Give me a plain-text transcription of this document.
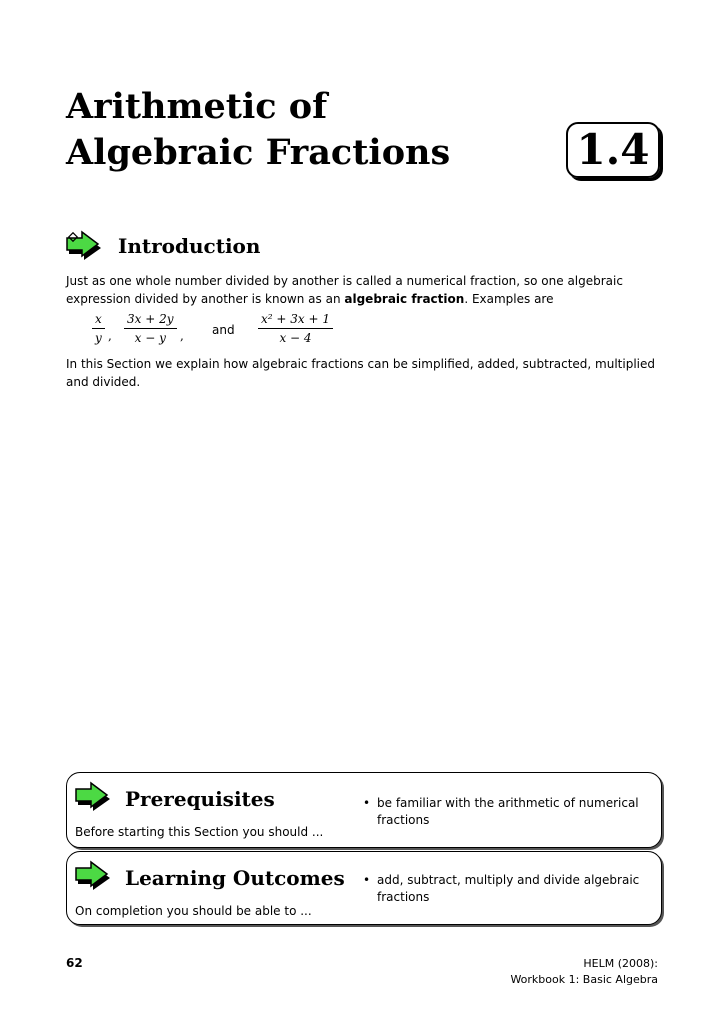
Arithmetic of
Algebraic Fractions	1.4
Introduction

Just as one whole number divided by another is called a numerical fraction, so one algebraic expression divided by another is known as an algebraic fraction. Examples are

x
y ,
3x + 2y
x − y	, and
x² + 3x + 1
x − 4

In this Section we explain how algebraic fractions can be simplified, added, subtracted, multiplied and divided.

Prerequisites
Before starting this Section you should ...
• be familiar with the arithmetic of numerical fractions
Learning Outcomes
On completion you should be able to ...
• add, subtract, multiply and divide algebraic fractions
62	HELM (2008):
Workbook 1: Basic Algebra
